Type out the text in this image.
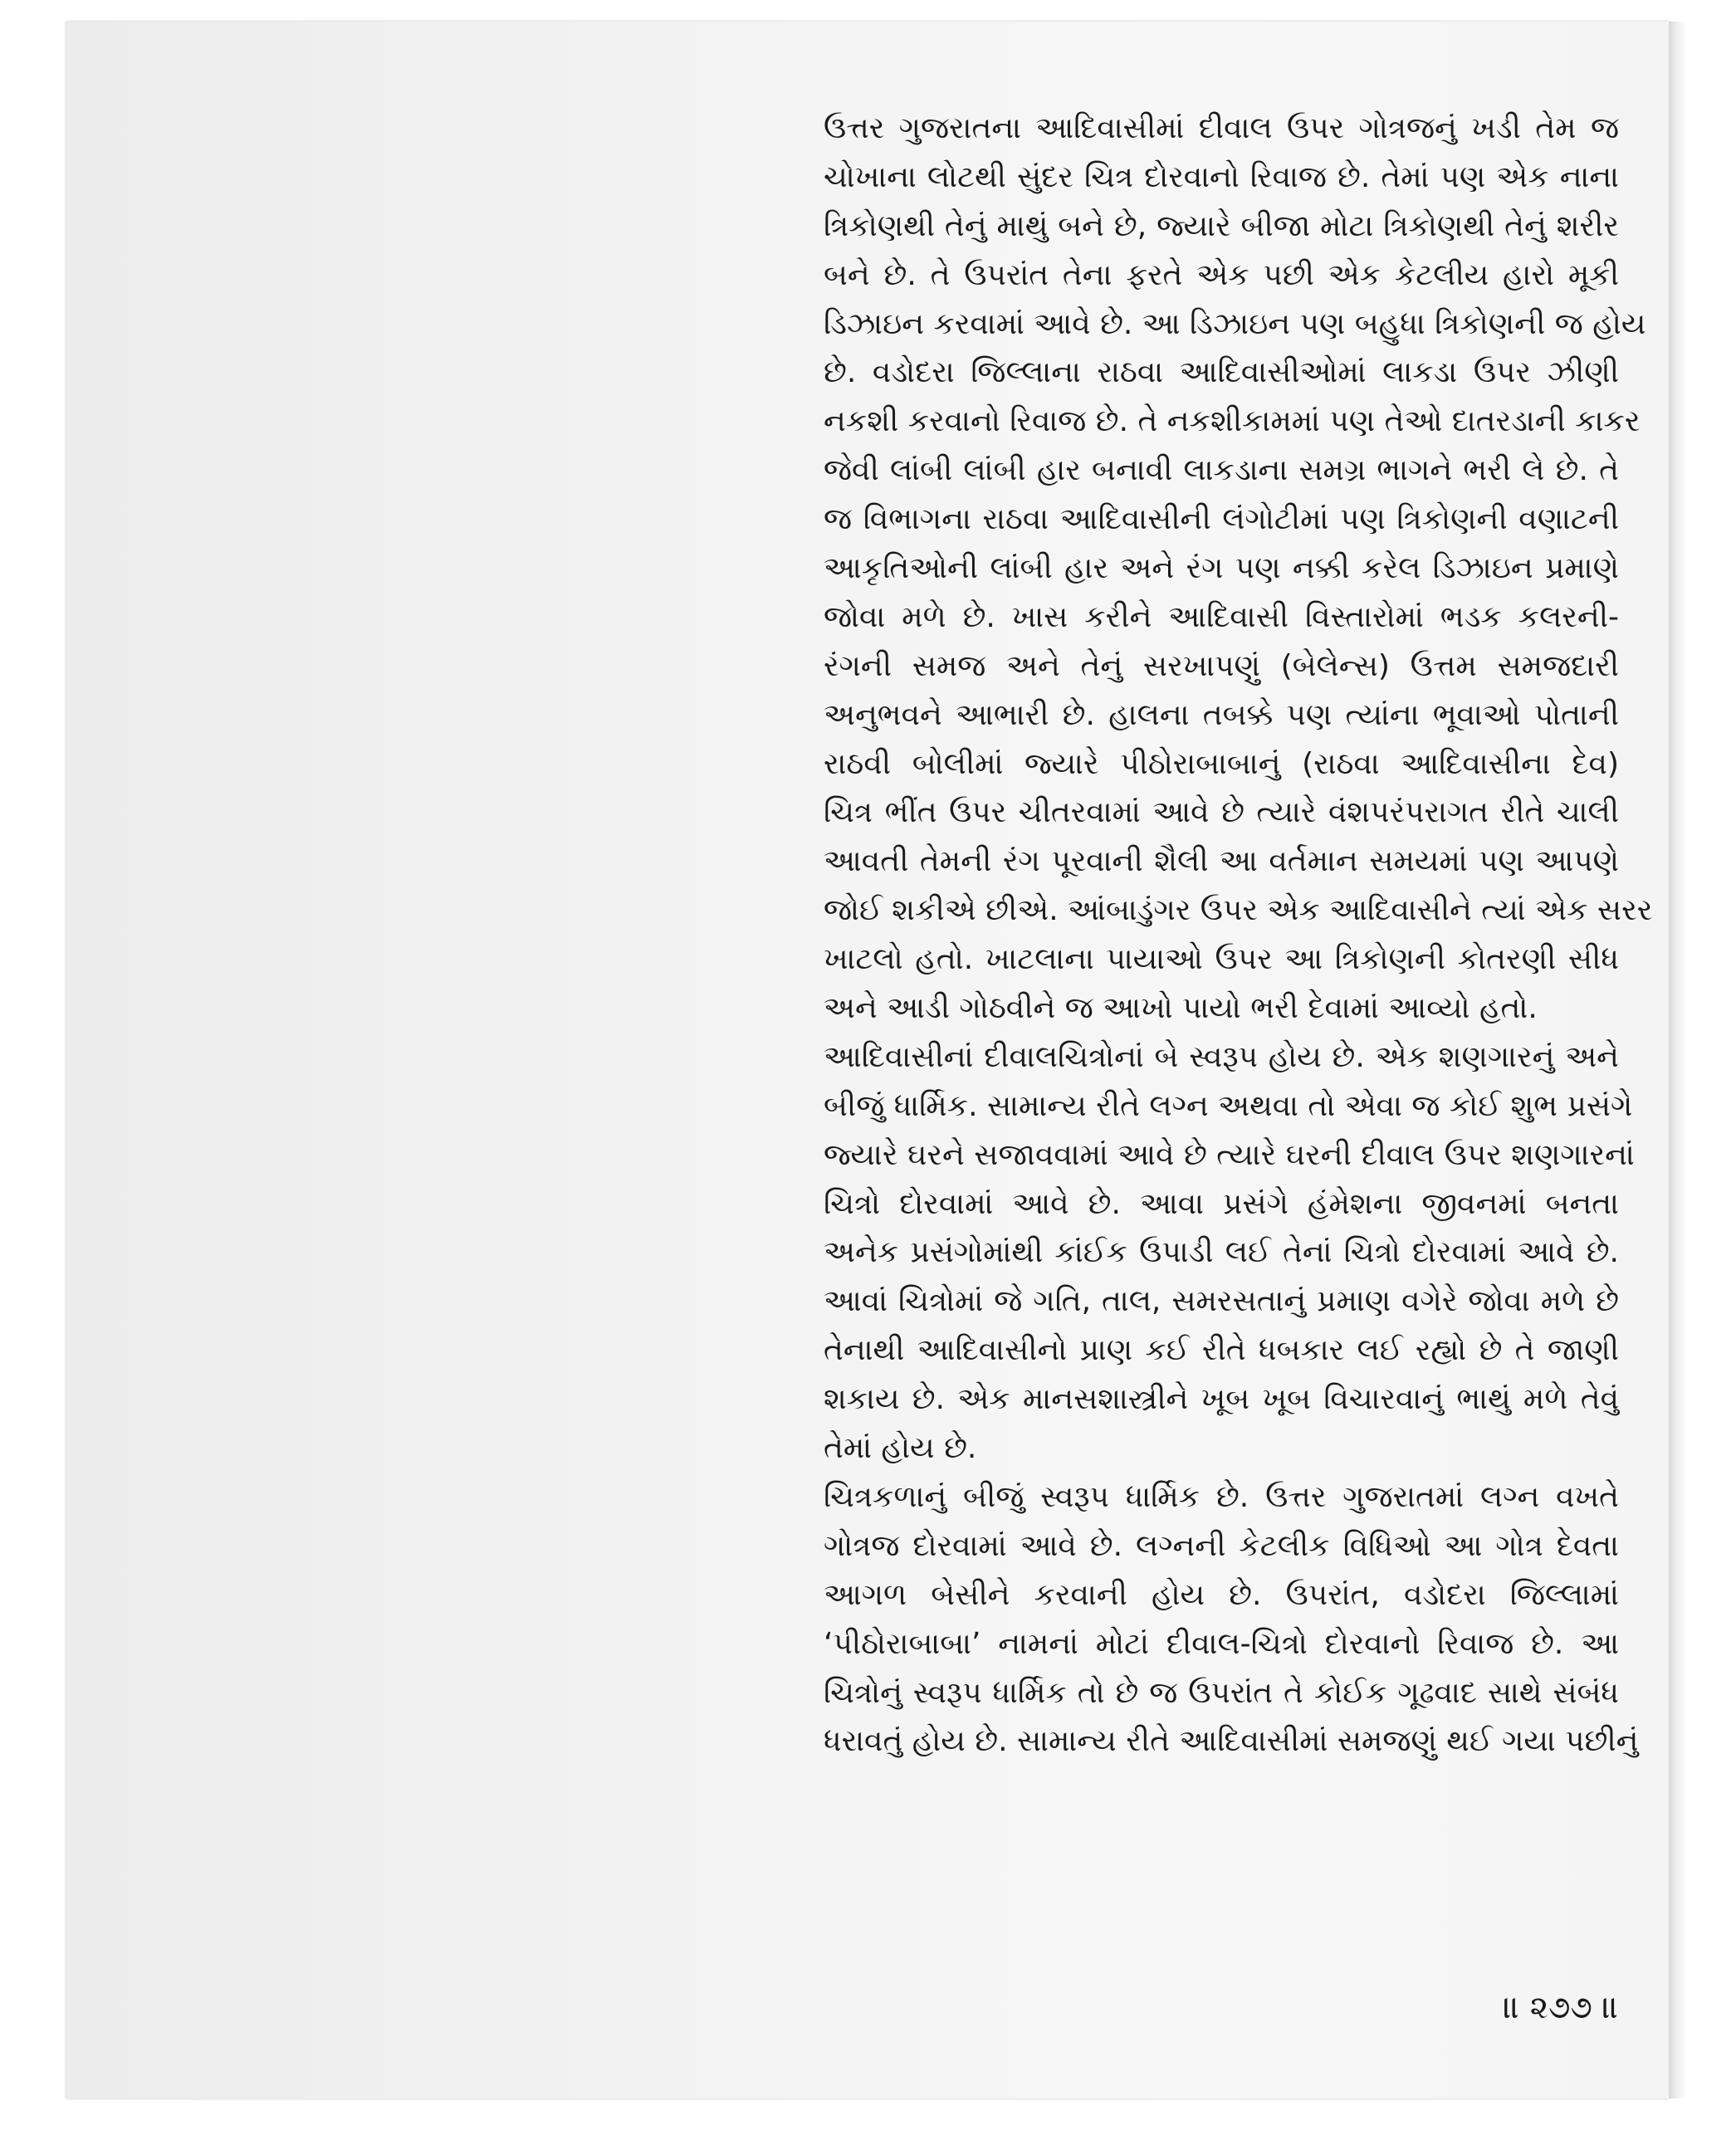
ઉત્તર ગુજરાતના આદિવાસીમાં દીવાલ ઉપર ગોત્રજનું ખડી તેમ જ
ચોખાના લોટથી સુંદર ચિત્ર દોરવાનો રિવાજ છે. તેમાં પણ એક નાના
ત્રિકોણથી તેનું માથું બને છે, જ્યારે બીજા મોટા ત્રિકોણથી તેનું શરીર
બને છે. તે ઉપરાંત તેના ફરતે એક પછી એક કેટલીય હારો મૂકી
ડિઝાઇન કરવામાં આવે છે. આ ડિઝાઇન પણ બહુધા ત્રિકોણની જ હોય
છે. વડોદરા જિલ્લાના રાઠવા આદિવાસીઓમાં લાકડા ઉપર ઝીણી
નકશી કરવાનો રિવાજ છે. તે નકશીકામમાં પણ તેઓ દાતરડાની કાકર
જેવી લાંબી લાંબી હાર બનાવી લાકડાના સમગ્ર ભાગને ભરી લે છે. તે
જ વિભાગના રાઠવા આદિવાસીની લંગોટીમાં પણ ત્રિકોણની વણાટની
આકૃતિઓની લાંબી હાર અને રંગ પણ નક્કી કરેલ ડિઝાઇન પ્રમાણે
જોવા મળે છે. ખાસ કરીને આદિવાસી વિસ્તારોમાં ભડક કલરની-
રંગની સમજ અને તેનું સરખાપણું (બેલેન્સ) ઉત્તમ સમજદારી
અનુભવને આભારી છે. હાલના તબક્કે પણ ત્યાંના ભૂવાઓ પોતાની
રાઠવી બોલીમાં જ્યારે પીઠોરાબાબાનું (રાઠવા આદિવાસીના દેવ)
ચિત્ર ભીંત ઉપર ચીતરવામાં આવે છે ત્યારે વંશપરંપરાગત રીતે ચાલી
આવતી તેમની રંગ પૂરવાની શૈલી આ વર્તમાન સમયમાં પણ આપણે
જોઈ શકીએ છીએ. આંબાડુંગર ઉપર એક આદિવાસીને ત્યાં એક સરર
ખાટલો હતો. ખાટલાના પાયાઓ ઉપર આ ત્રિકોણની કોતરણી સીધ
અને આડી ગોઠવીને જ આખો પાયો ભરી દેવામાં આવ્યો હતો.
આદિવાસીનાં દીવાલચિત્રોનાં બે સ્વરૂપ હોય છે. એક શણગારનું અને
બીજું ધાર્મિક. સામાન્ય રીતે લગ્ન અથવા તો એવા જ કોઈ શુભ પ્રસંગે
જ્યારે ઘરને સજાવવામાં આવે છે ત્યારે ઘરની દીવાલ ઉપર શણગારનાં
ચિત્રો દોરવામાં આવે છે. આવા પ્રસંગે હંમેશના જીવનમાં બનતા
અનેક પ્રસંગોમાંથી કાંઈક ઉપાડી લઈ તેનાં ચિત્રો દોરવામાં આવે છે.
આવાં ચિત્રોમાં જે ગતિ, તાલ, સમરસતાનું પ્રમાણ વગેરે જોવા મળે છે
તેનાથી આદિવાસીનો પ્રાણ કઈ રીતે ધબકાર લઈ રહ્યો છે તે જાણી
શકાય છે. એક માનસશાસ્ત્રીને ખૂબ ખૂબ વિચારવાનું ભાથું મળે તેવું
તેમાં હોય છે.
ચિત્રકળાનું બીજું સ્વરૂપ ધાર્મિક છે. ઉત્તર ગુજરાતમાં લગ્ન વખતે
ગોત્રજ દોરવામાં આવે છે. લગ્નની કેટલીક વિધિઓ આ ગોત્ર દેવતા
આગળ બેસીને કરવાની હોય છે. ઉપરાંત, વડોદરા જિલ્લામાં
‘પીઠોરાબાબા’ નામનાં મોટાં દીવાલ-ચિત્રો દોરવાનો રિવાજ છે. આ
ચિત્રોનું સ્વરૂપ ધાર્મિક તો છે જ ઉપરાંત તે કોઈક ગૂઢવાદ સાથે સંબંધ
ધરાવતું હોય છે. સામાન્ય રીતે આદિવાસીમાં સમજણું થઈ ગયા પછીનું
॥ ૨૭૭ ॥
